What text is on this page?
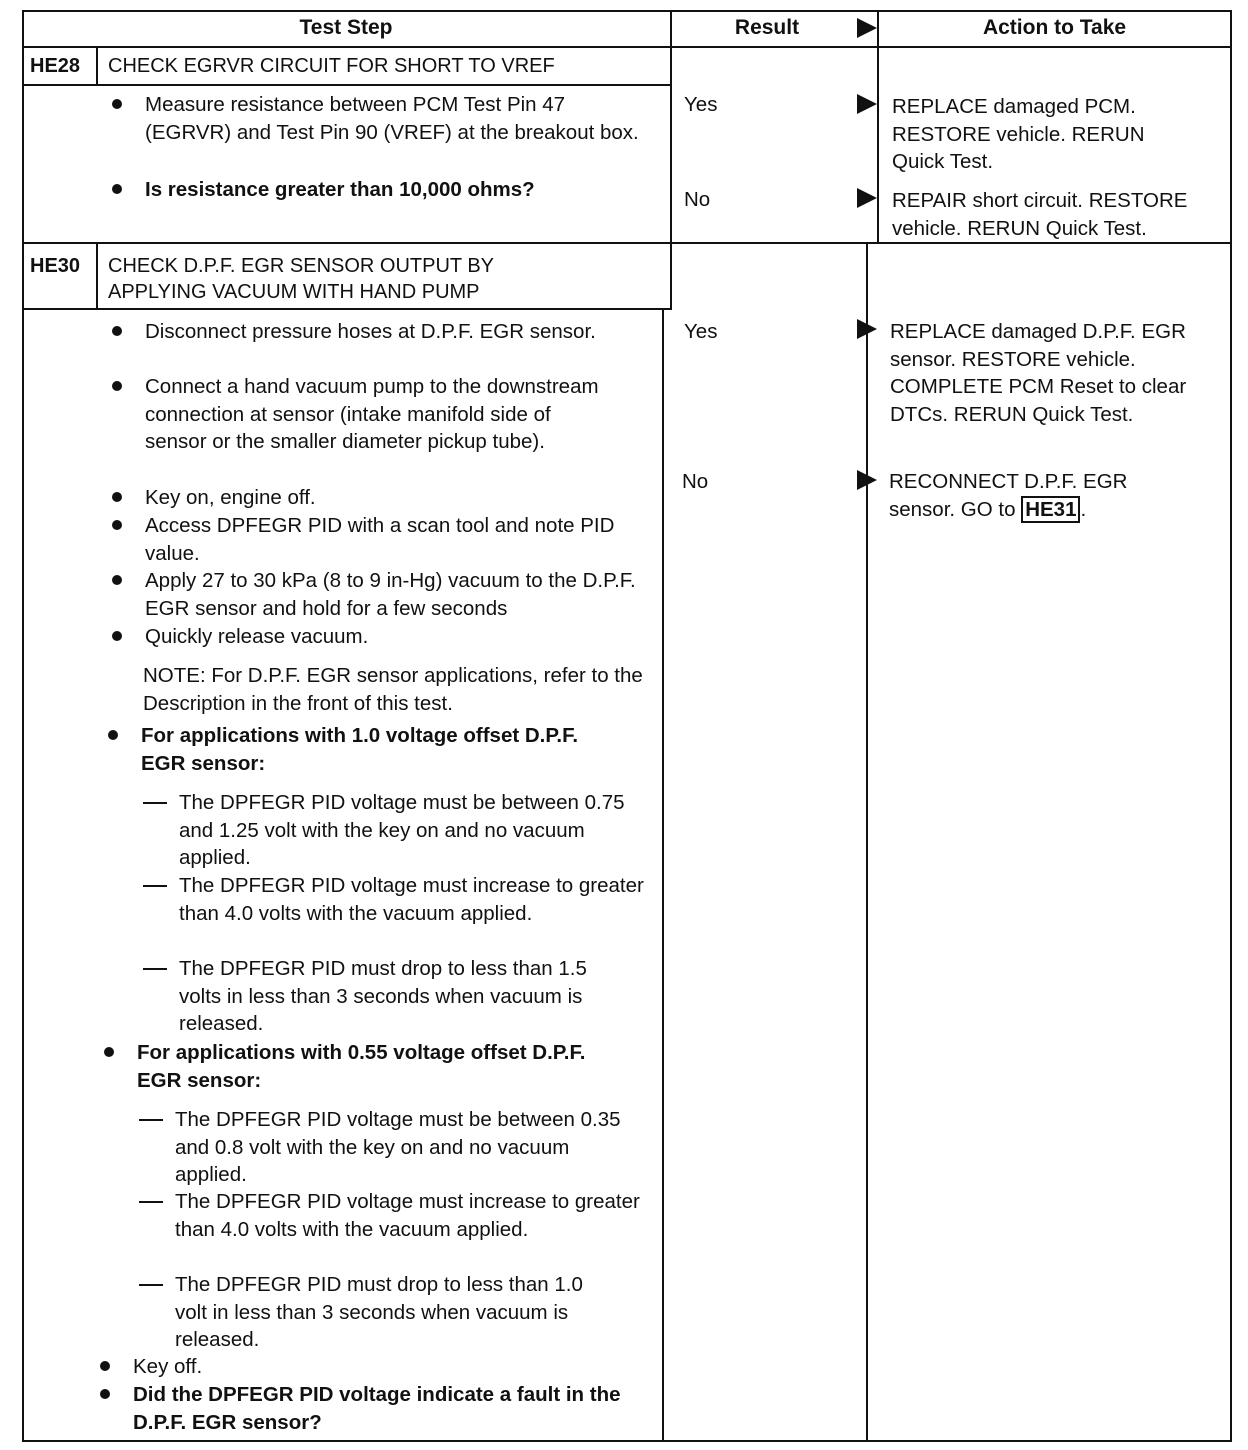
Test Step	Result	Action to Take
HE28 CHECK EGRVR CIRCUIT FOR SHORT TO VREF
Measure resistance between PCM Test Pin 47 (EGRVR) and Test Pin 90 (VREF) at the breakout box.
Is resistance greater than 10,000 ohms?
Yes	REPLACE damaged PCM. RESTORE vehicle. RERUN Quick Test.
No	REPAIR short circuit. RESTORE vehicle. RERUN Quick Test.
HE30 CHECK D.P.F. EGR SENSOR OUTPUT BY APPLYING VACUUM WITH HAND PUMP
Disconnect pressure hoses at D.P.F. EGR sensor.
Connect a hand vacuum pump to the downstream connection at sensor (intake manifold side of sensor or the smaller diameter pickup tube).
Key on, engine off.
Access DPFEGR PID with a scan tool and note PID value.
Apply 27 to 30 kPa (8 to 9 in-Hg) vacuum to the D.P.F. EGR sensor and hold for a few seconds
Quickly release vacuum.
NOTE: For D.P.F. EGR sensor applications, refer to the Description in the front of this test.
For applications with 1.0 voltage offset D.P.F. EGR sensor:
The DPFEGR PID voltage must be between 0.75 and 1.25 volt with the key on and no vacuum applied.
The DPFEGR PID voltage must increase to greater than 4.0 volts with the vacuum applied.
The DPFEGR PID must drop to less than 1.5 volts in less than 3 seconds when vacuum is released.
For applications with 0.55 voltage offset D.P.F. EGR sensor:
The DPFEGR PID voltage must be between 0.35 and 0.8 volt with the key on and no vacuum applied.
The DPFEGR PID voltage must increase to greater than 4.0 volts with the vacuum applied.
The DPFEGR PID must drop to less than 1.0 volt in less than 3 seconds when vacuum is released.
Key off.
Did the DPFEGR PID voltage indicate a fault in the D.P.F. EGR sensor?
Yes	REPLACE damaged D.P.F. EGR sensor. RESTORE vehicle. COMPLETE PCM Reset to clear DTCs. RERUN Quick Test.
No	RECONNECT D.P.F. EGR sensor. GO to HE31 .
